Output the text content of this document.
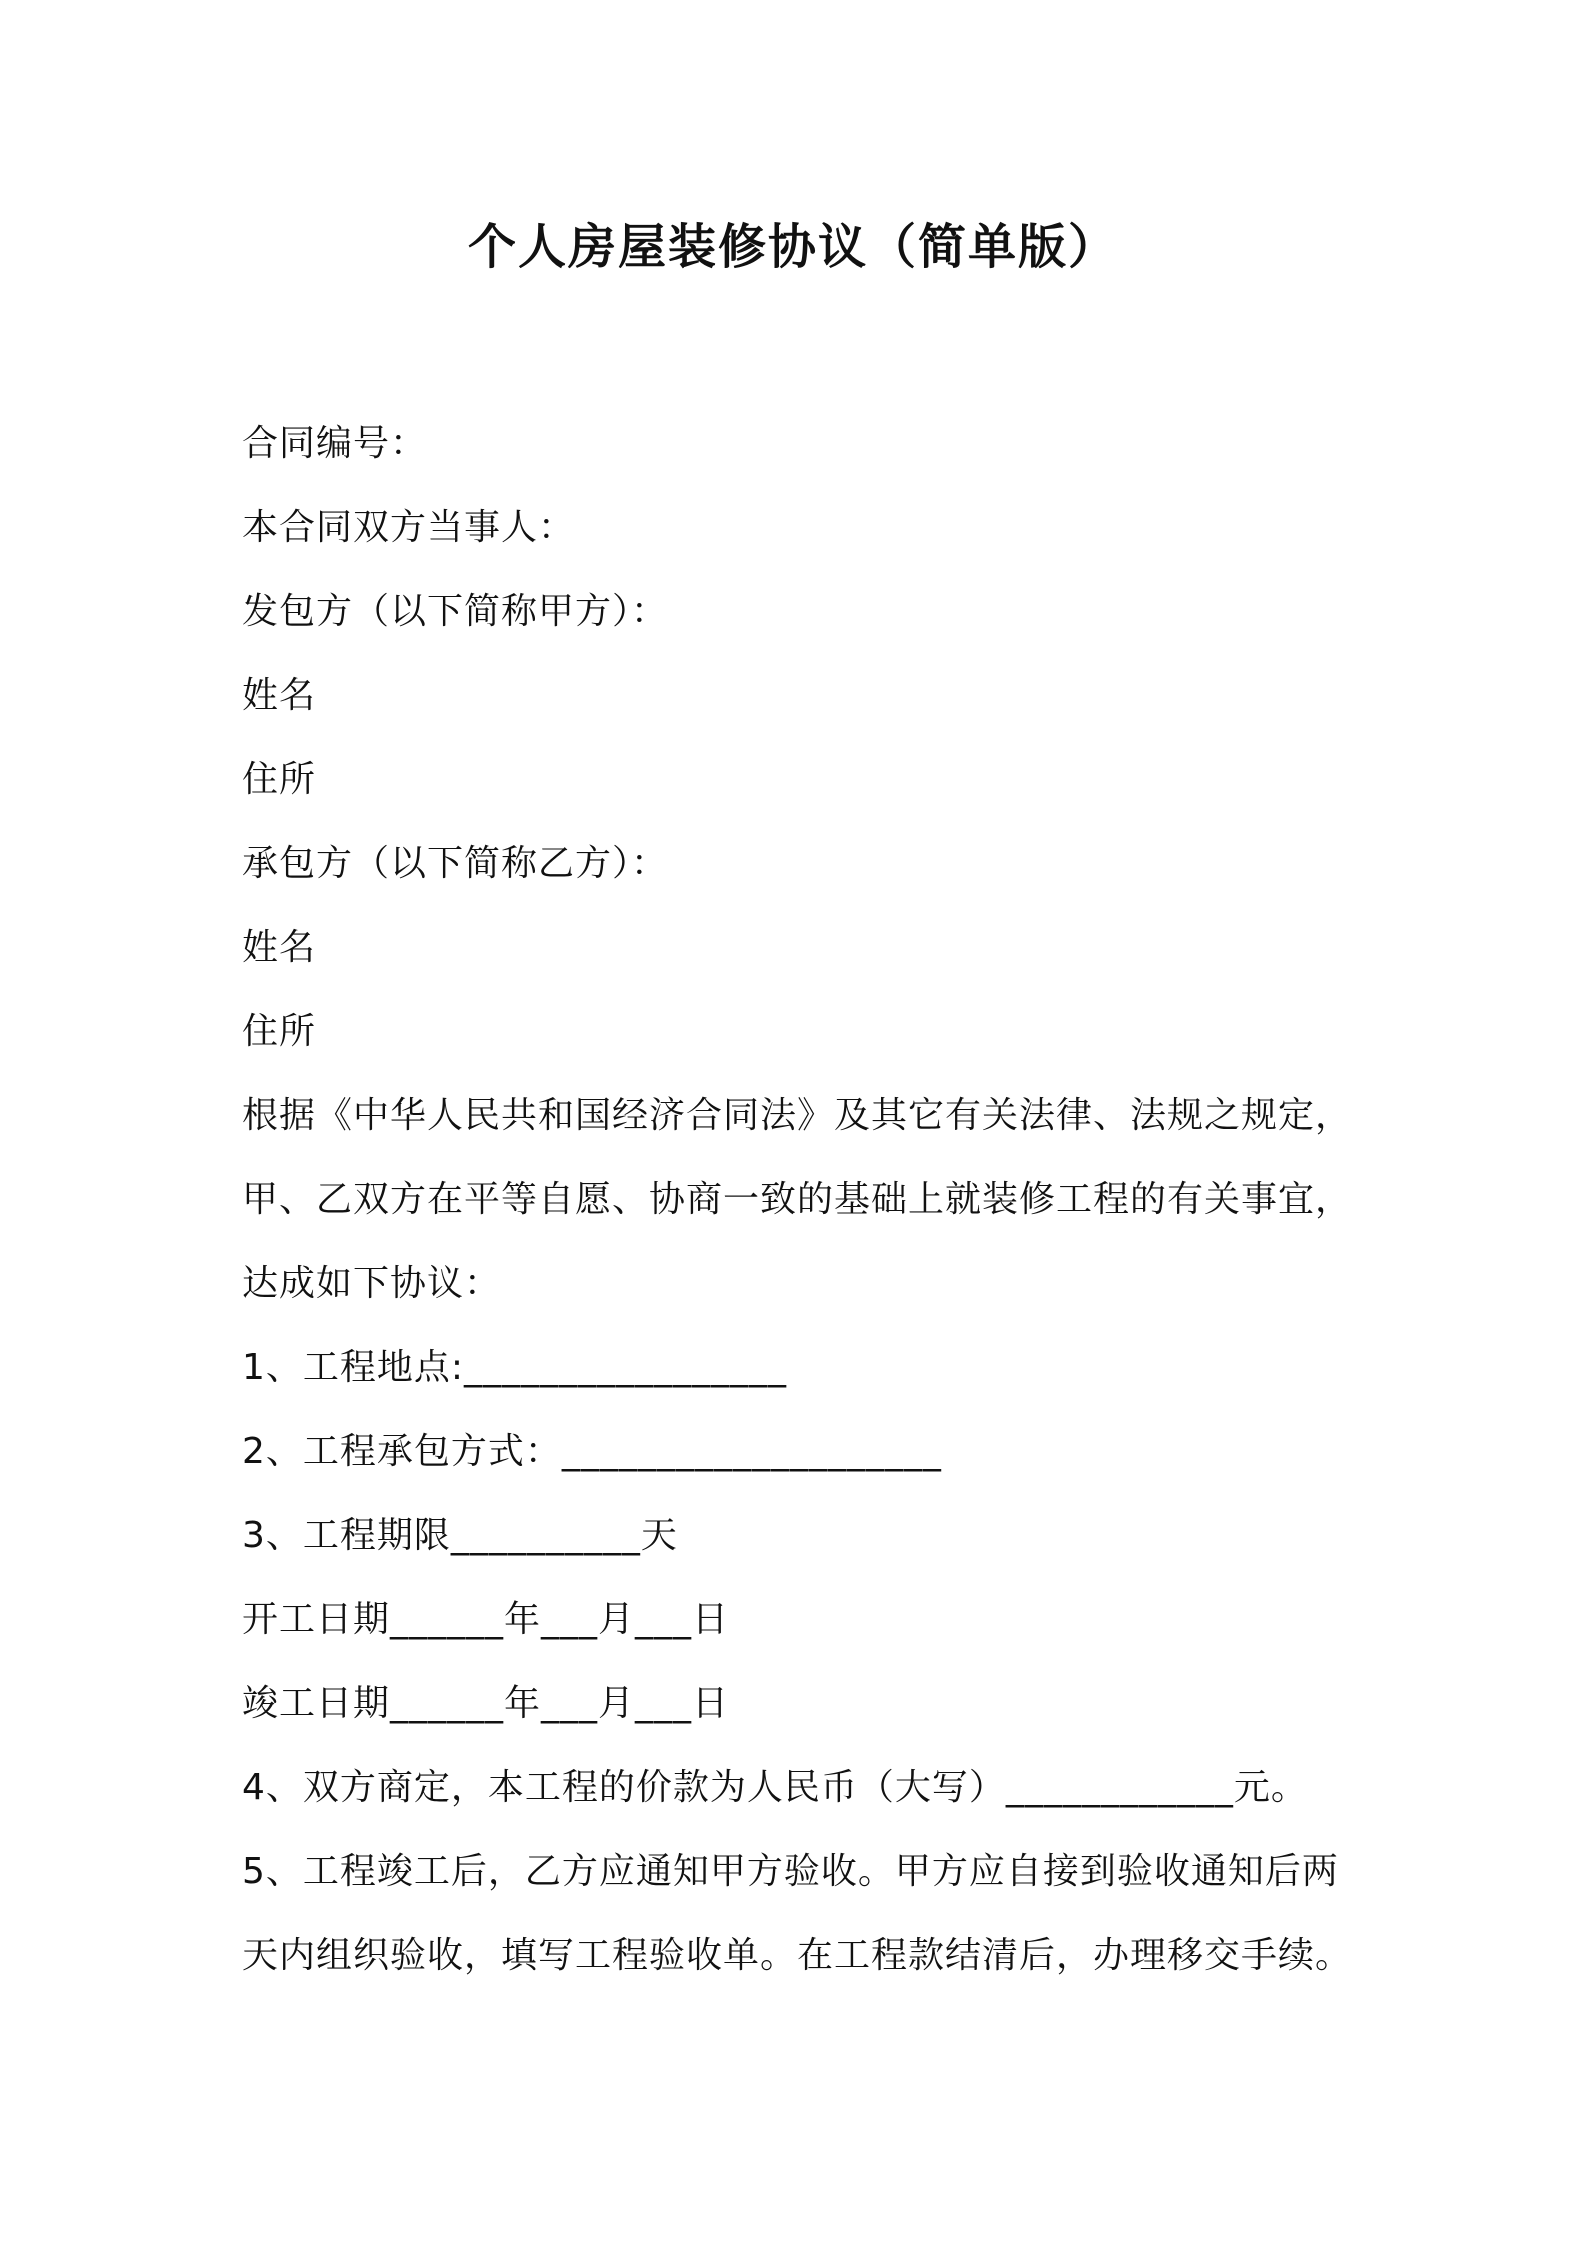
个人房屋装修协议（简单版）
合同编号：
本合同双方当事人：
发包方（以下简称甲方）：
姓名
住所
承包方（以下简称乙方）：
姓名
住所
根据《中华人民共和国经济合同法》及其它有关法律、法规之规定，
甲、乙双方在平等自愿、协商一致的基础上就装修工程的有关事宜，
达成如下协议：
1、工程地点:_________________
2、工程承包方式：____________________
3、工程期限__________天
开工日期______年___月___日
竣工日期______年___月___日
4、双方商定，本工程的价款为人民币（大写）____________元。
5、工程竣工后，乙方应通知甲方验收。甲方应自接到验收通知后两
天内组织验收，填写工程验收单。在工程款结清后，办理移交手续。
